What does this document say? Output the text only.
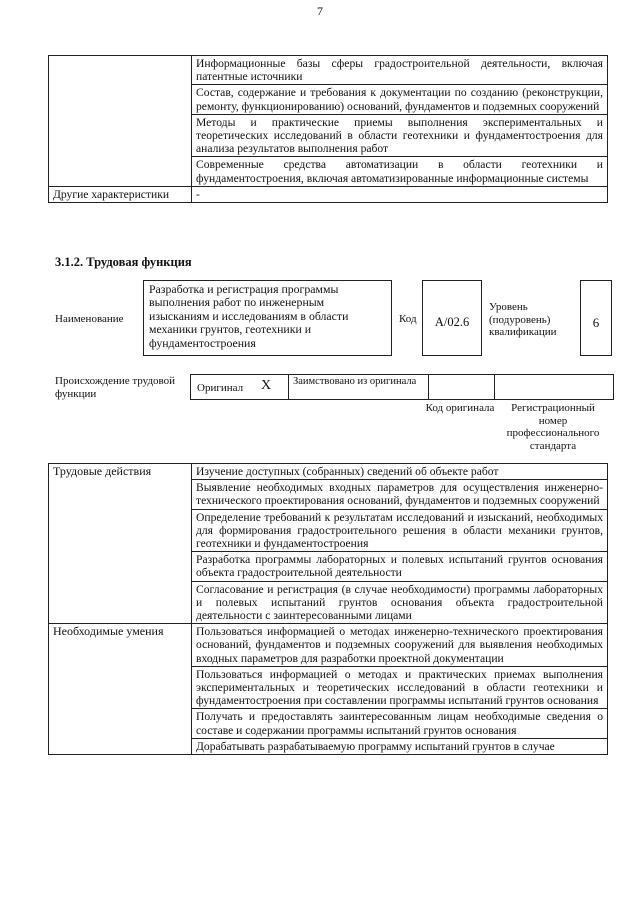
7
	Информационные базы сферы градостроительной деятельности, включая патентные источники
	Состав, содержание и требования к документации по созданию (реконструкции, ремонту, функционированию) оснований, фундаментов и подземных сооружений
	Методы и практические приемы выполнения экспериментальных и теоретических исследований в области геотехники и фундаментостроения для анализа результатов выполнения работ
	Современные средства автоматизации в области геотехники и фундаментостроения, включая автоматизированные информационные системы
Другие характеристики	-
3.1.2. Трудовая функция
Наименование
Разработка и регистрация программы выполнения работ по инженерным изысканиям и исследованиям в области механики грунтов, геотехники и фундаментостроения
Код	A/02.6
Уровень (подуровень) квалификации
6
Происхождение трудовой функции	Оригинал X Заимствовано из оригинала
Код оригинала	Регистрационный номер профессионального стандарта
Трудовые действия	Изучение доступных (собранных) сведений об объекте работ
	Выявление необходимых входных параметров для осуществления инженерно-технического проектирования оснований, фундаментов и подземных сооружений
	Определение требований к результатам исследований и изысканий, необходимых для формирования градостроительного решения в области механики грунтов, геотехники и фундаментостроения
	Разработка программы лабораторных и полевых испытаний грунтов основания объекта градостроительной деятельности
	Согласование и регистрация (в случае необходимости) программы лабораторных и полевых испытаний грунтов основания объекта градостроительной деятельности с заинтересованными лицами
Необходимые умения	Пользоваться информацией о методах инженерно-технического проектирования оснований, фундаментов и подземных сооружений для выявления необходимых входных параметров для разработки проектной документации
	Пользоваться информацией о методах и практических приемах выполнения экспериментальных и теоретических исследований в области геотехники и фундаментостроения при составлении программы испытаний грунтов основания
	Получать и предоставлять заинтересованным лицам необходимые сведения о составе и содержании программы испытаний грунтов основания
	Дорабатывать разрабатываемую программу испытаний грунтов в случае
